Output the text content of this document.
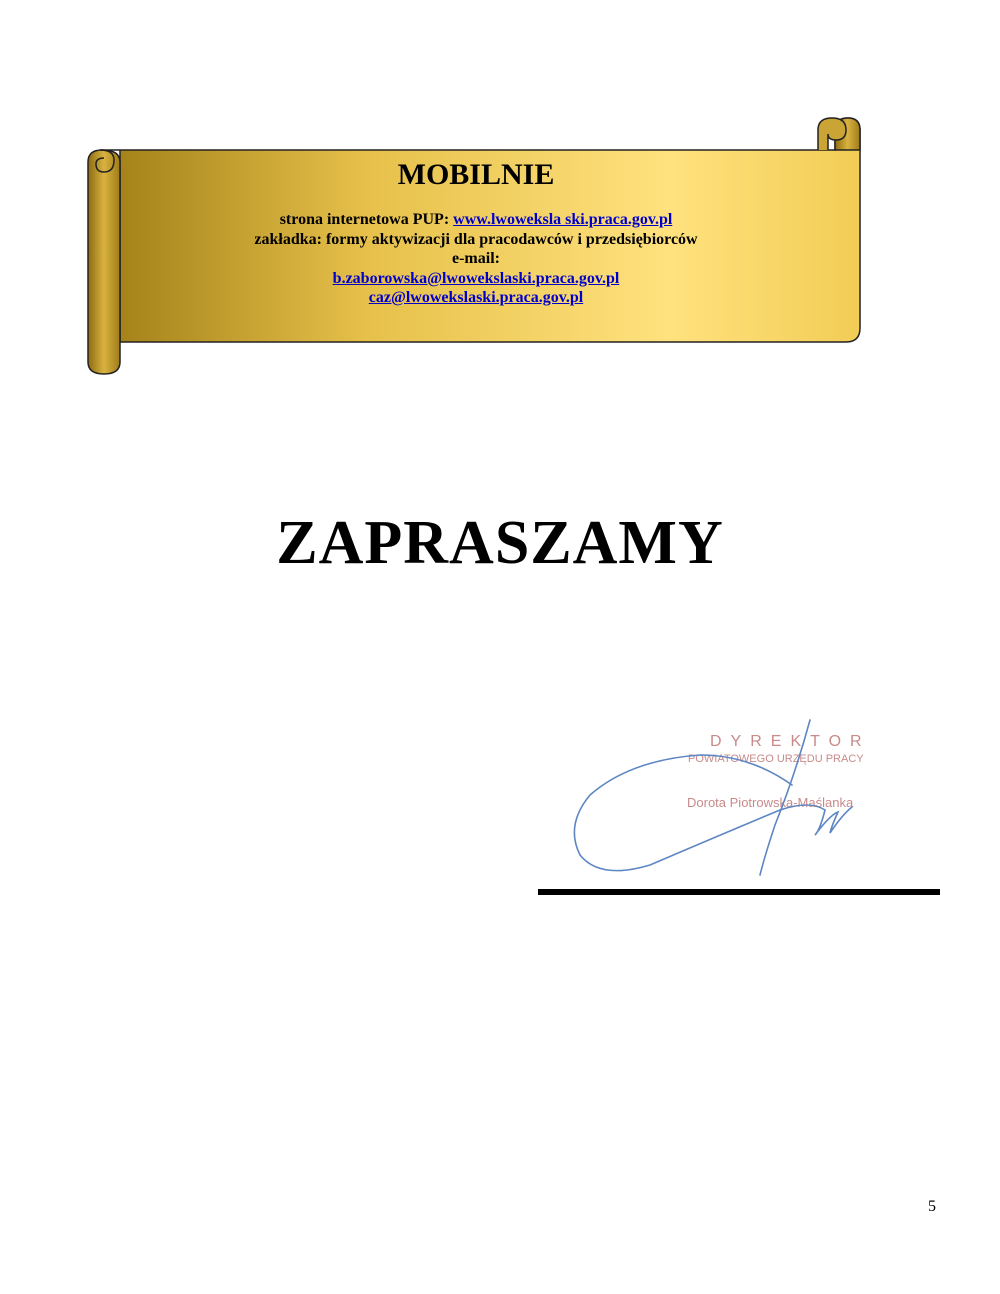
MOBILNIE
strona internetowa PUP: www.lwoweksla ski.praca.gov.pl
zakładka: formy aktywizacji dla pracodawców i przedsiębiorców
e-mail:
b.zaborowska@lwowekslaski.praca.gov.pl
caz@lwowekslaski.praca.gov.pl
ZAPRASZAMY
DYREKTOR
POWIATOWEGO URZĘDU PRACY
Dorota Piotrowska-Maślanka
5
